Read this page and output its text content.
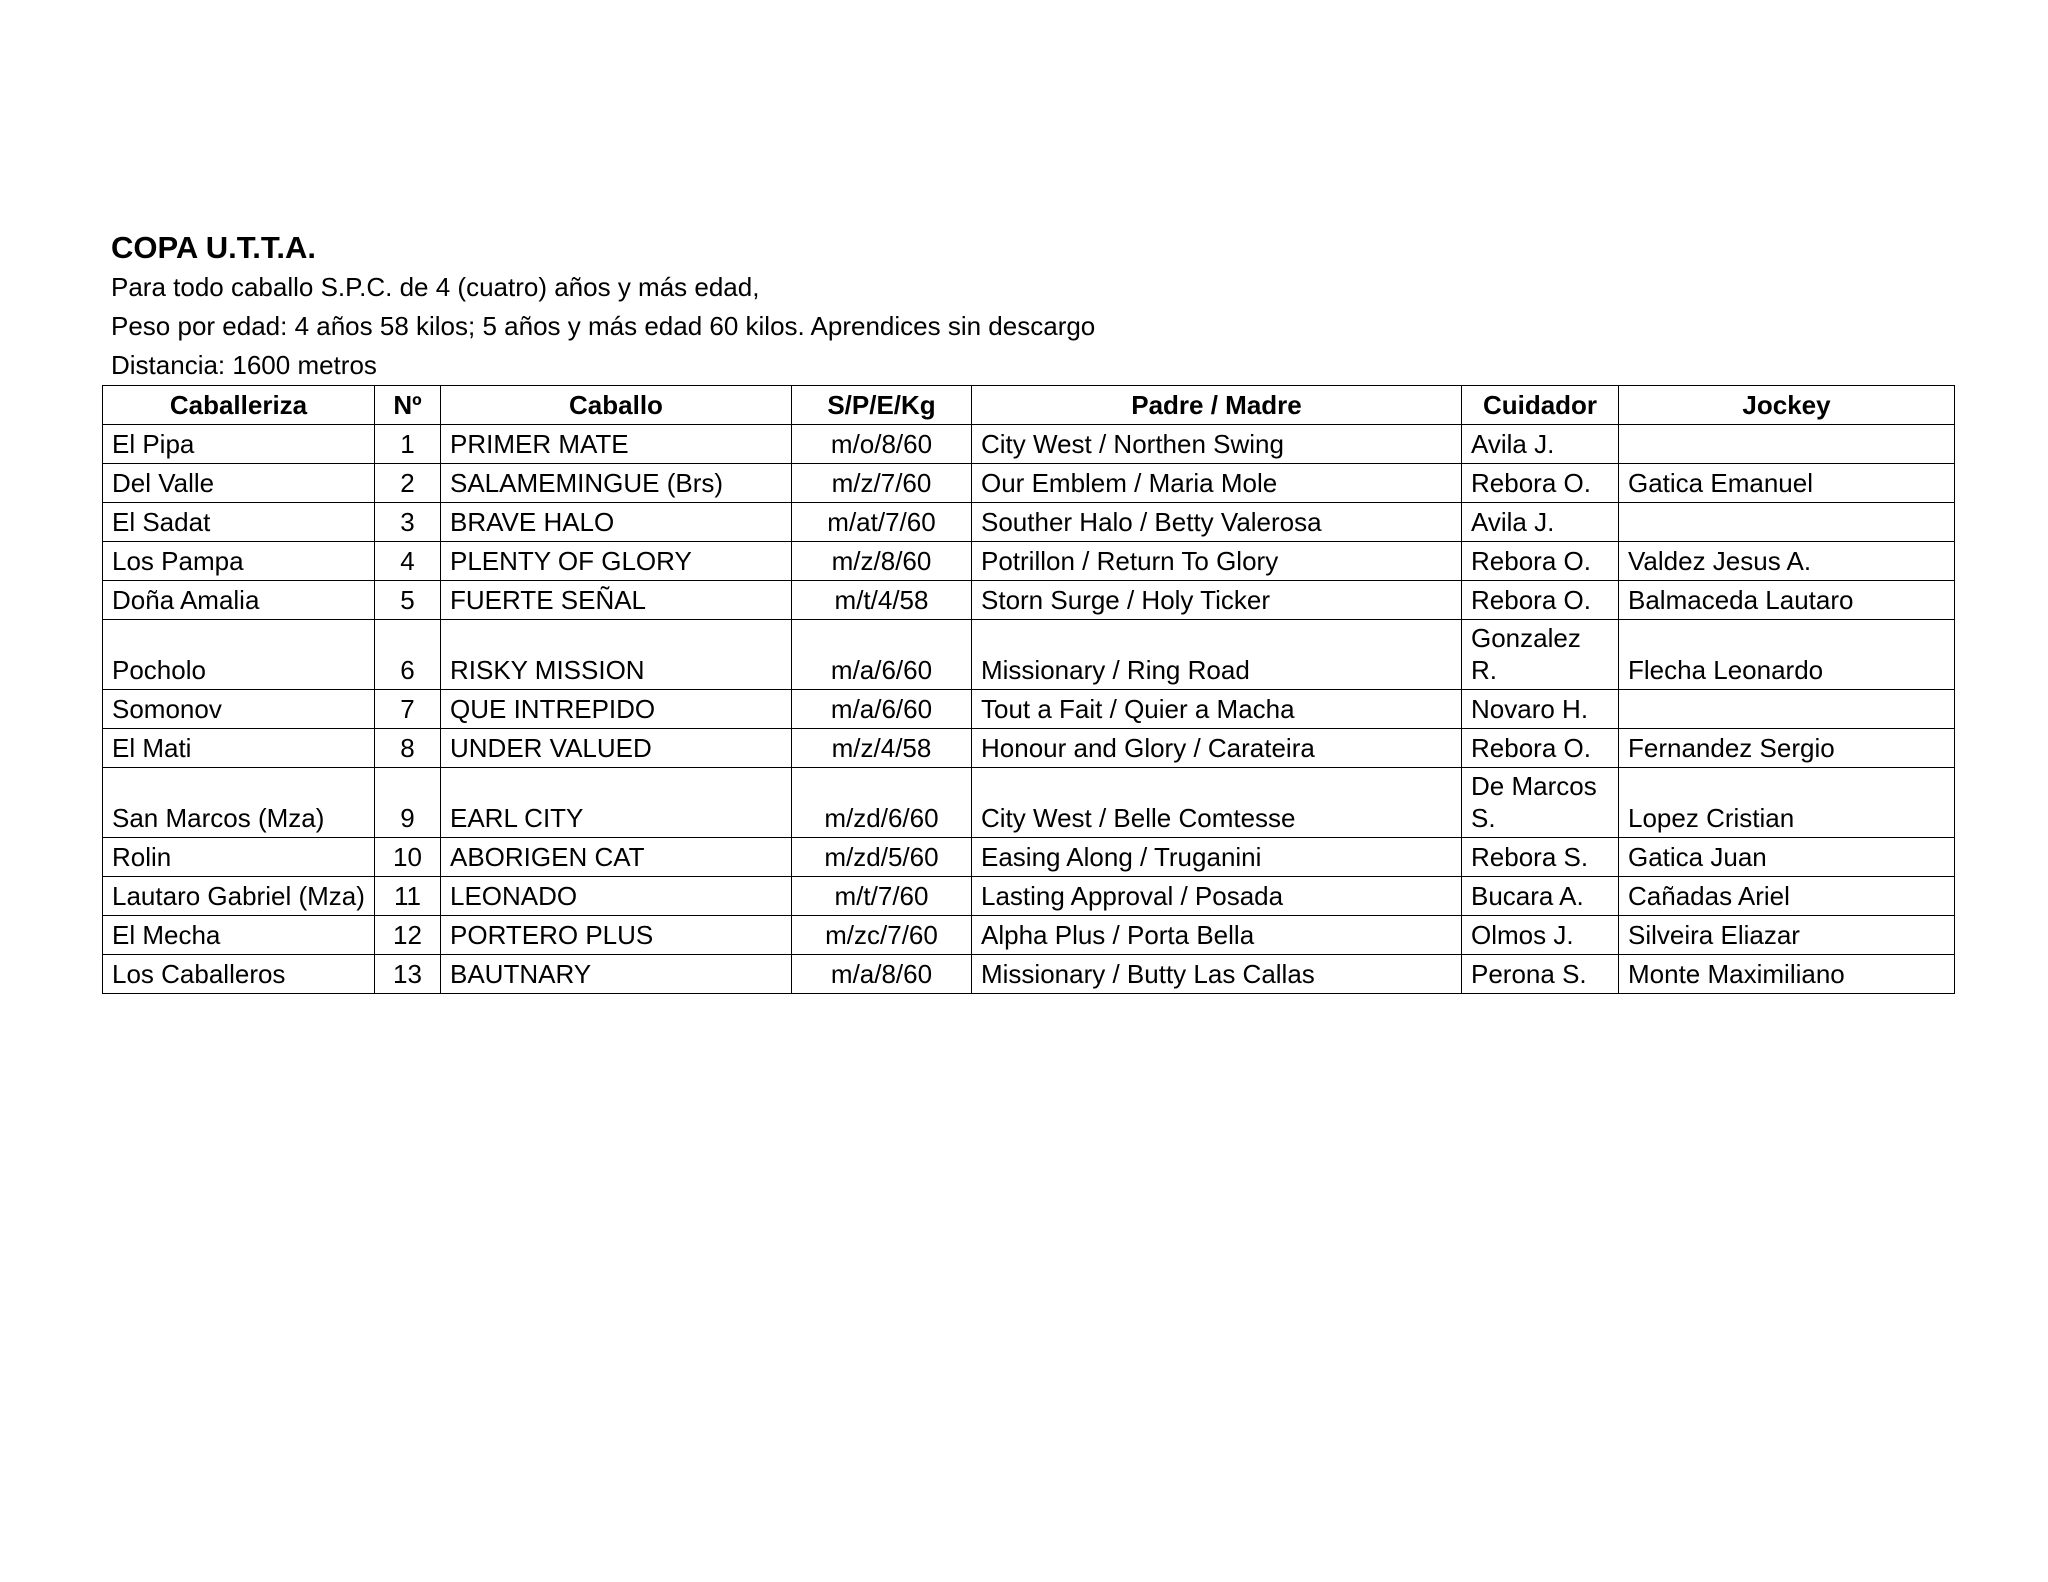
COPA U.T.T.A.
Para todo caballo S.P.C. de 4 (cuatro) años y más edad,
Peso por edad: 4 años 58 kilos; 5 años y más edad 60 kilos. Aprendices sin descargo
Distancia: 1600 metros
Caballeriza	Nº	Caballo	S/P/E/Kg	Padre / Madre	Cuidador	Jockey
El Pipa	1	PRIMER MATE	m/o/8/60	City West / Northen Swing	Avila J.	
Del Valle	2	SALAMEMINGUE (Brs)	m/z/7/60	Our Emblem / Maria Mole	Rebora O.	Gatica Emanuel
El Sadat	3	BRAVE HALO	m/at/7/60	Souther Halo / Betty Valerosa	Avila J.	
Los Pampa	4	PLENTY OF GLORY	m/z/8/60	Potrillon / Return To Glory	Rebora O.	Valdez Jesus A.
Doña Amalia	5	FUERTE SEÑAL	m/t/4/58	Storn Surge / Holy Ticker	Rebora O.	Balmaceda Lautaro
Pocholo	6	RISKY MISSION	m/a/6/60	Missionary / Ring Road	Gonzalez R.	Flecha Leonardo
Somonov	7	QUE INTREPIDO	m/a/6/60	Tout a Fait / Quier a Macha	Novaro H.	
El Mati	8	UNDER VALUED	m/z/4/58	Honour and Glory / Carateira	Rebora O.	Fernandez Sergio
San Marcos (Mza)	9	EARL CITY	m/zd/6/60	City West / Belle Comtesse	De Marcos S.	Lopez Cristian
Rolin	10	ABORIGEN CAT	m/zd/5/60	Easing Along / Truganini	Rebora S.	Gatica Juan
Lautaro Gabriel (Mza)	11	LEONADO	m/t/7/60	Lasting Approval / Posada	Bucara A.	Cañadas Ariel
El Mecha	12	PORTERO PLUS	m/zc/7/60	Alpha Plus / Porta Bella	Olmos J.	Silveira Eliazar
Los Caballeros	13	BAUTNARY	m/a/8/60	Missionary / Butty Las Callas	Perona S.	Monte Maximiliano
